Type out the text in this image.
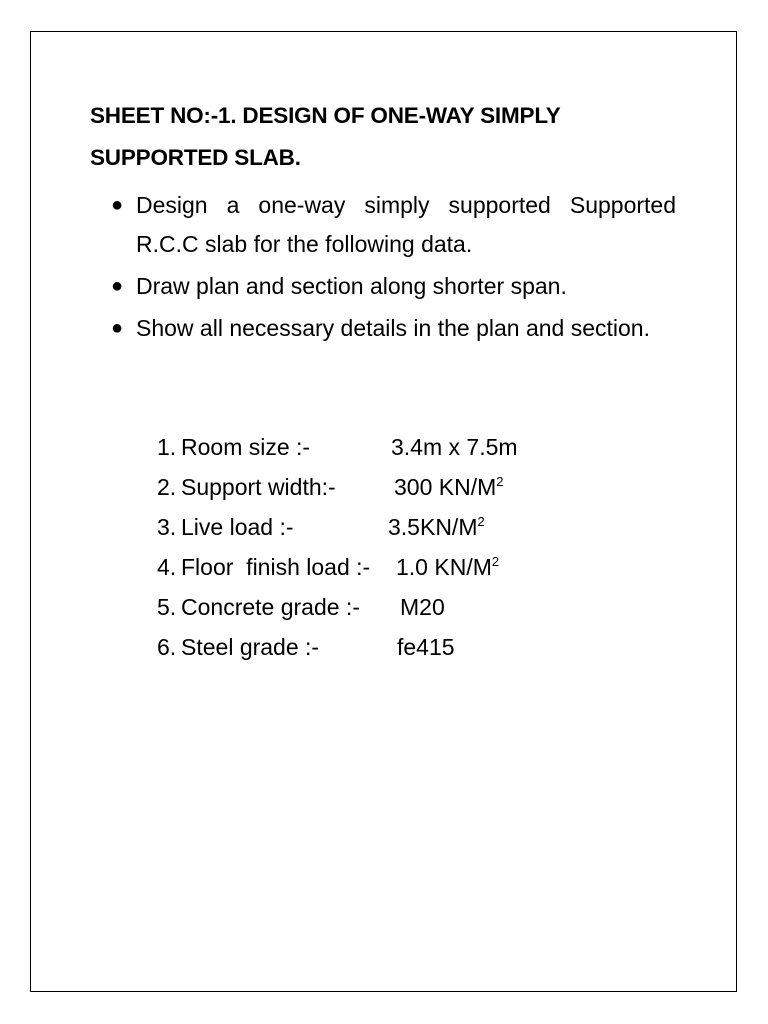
SHEET NO:-1. DESIGN OF ONE-WAY SIMPLY
SUPPORTED SLAB.
● Design a one-way simply supported Supported R.C.C slab for the following data.
● Draw plan and section along shorter span.
● Show all necessary details in the plan and section.
1. Room size :-	3.4m x 7.5m
2. Support width:-	300 $KN/M^2$
3. Live load :-	$3.5KN/M^2$
4. Floor  finish load :- 1.0 $KN/M^2$
5. Concrete grade :- M20
6. Steel grade :-	fe415
